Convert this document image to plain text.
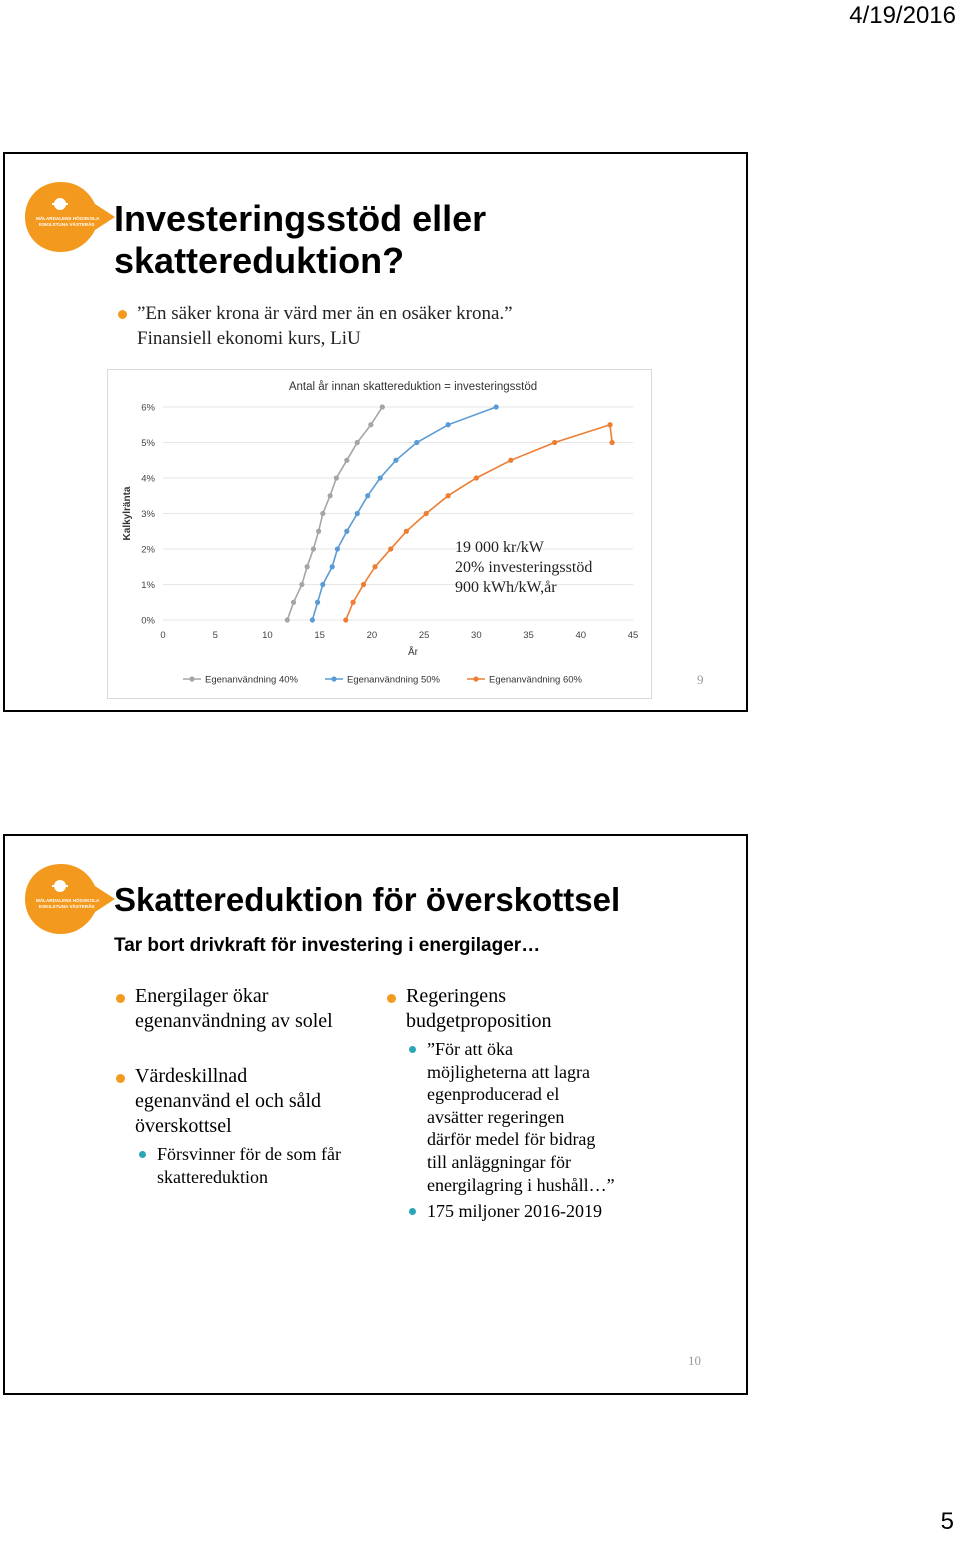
4/19/2016
MÄLARDALENS HÖGSKOLA
ESKILSTUNA VÄSTERÅS Investeringsstöd eller
skattereduktion?
”En säker krona är värd mer än en osäker krona.”
Finansiell ekonomi kurs, LiU
Antal år innan skattereduktion = investeringsstöd
0%
1%
2%
3%
4%
5%
6%
0	5	10	15	20	25	30	35	40	45
År
Kalkylränta
Egenanvändning 40%	Egenanvändning 50%	Egenanvändning 60%
19 000 kr/kW
20% investeringsstöd
900 kWh/kW,år
9
MÄLARDALENS HÖGSKOLA
ESKILSTUNA VÄSTERÅS Skattereduktion för överskottsel
Tar bort drivkraft för investering i energilager…
Energilager ökar
egenanvändning av solel
Värdeskillnad
egenanvänd el och såld
överskottsel
Försvinner för de som får
skattereduktion
Regeringens
budgetproposition
”För att öka
möjligheterna att lagra
egenproducerad el
avsätter regeringen
därför medel för bidrag
till anläggningar för
energilagring i hushåll…”
175 miljoner 2016-2019
10
5
